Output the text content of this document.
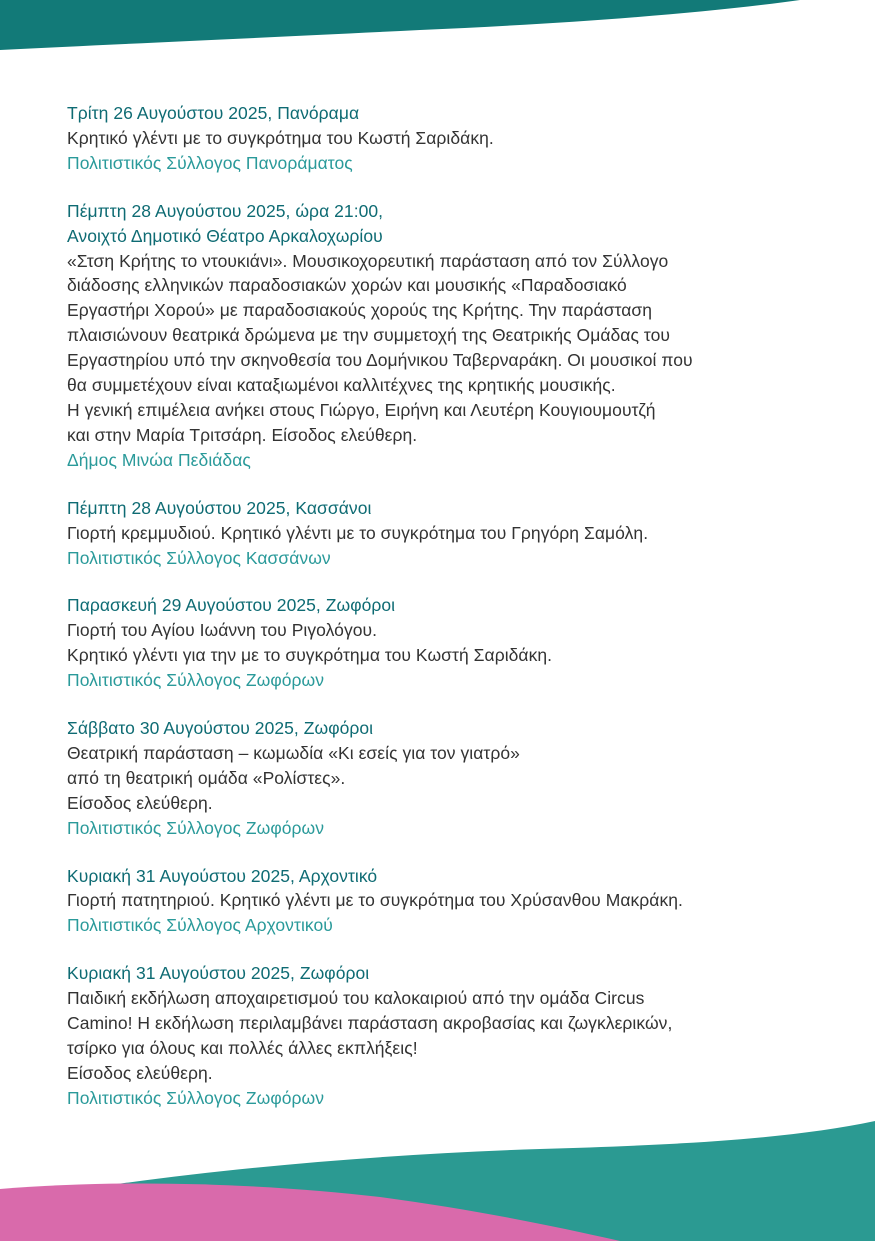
Τρίτη 26 Αυγούστου 2025, Πανόραμα
Κρητικό γλέντι με το συγκρότημα του Κωστή Σαριδάκη.
Πολιτιστικός Σύλλογος Πανοράματος
Πέμπτη 28 Αυγούστου 2025, ώρα 21:00,
Ανοιχτό Δημοτικό Θέατρο Αρκαλοχωρίου
«Στση Κρήτης το ντουκιάνι». Μουσικοχορευτική παράσταση από τον Σύλλογο
διάδοσης ελληνικών παραδοσιακών χορών και μουσικής «Παραδοσιακό
Εργαστήρι Χορού» με παραδοσιακούς χορούς της Κρήτης. Την παράσταση
πλαισιώνουν θεατρικά δρώμενα με την συμμετοχή της Θεατρικής Ομάδας του
Εργαστηρίου υπό την σκηνοθεσία του Δομήνικου Ταβερναράκη. Οι μουσικοί που
θα συμμετέχουν είναι καταξιωμένοι καλλιτέχνες της κρητικής μουσικής.
Η γενική επιμέλεια ανήκει στους Γιώργο, Ειρήνη και Λευτέρη Κουγιουμουτζή
και στην Μαρία Τριτσάρη. Είσοδος ελεύθερη.
Δήμος Μινώα Πεδιάδας
Πέμπτη 28 Αυγούστου 2025, Κασσάνοι
Γιορτή κρεμμυδιού. Κρητικό γλέντι με το συγκρότημα του Γρηγόρη Σαμόλη.
Πολιτιστικός Σύλλογος Κασσάνων
Παρασκευή 29 Αυγούστου 2025, Ζωφόροι
Γιορτή του Αγίου Ιωάννη του Ριγολόγου.
Κρητικό γλέντι για την με το συγκρότημα του Κωστή Σαριδάκη.
Πολιτιστικός Σύλλογος Ζωφόρων
Σάββατο 30 Αυγούστου 2025, Ζωφόροι
Θεατρική παράσταση – κωμωδία «Κι εσείς για τον γιατρό»
από τη θεατρική ομάδα «Ρολίστες».
Είσοδος ελεύθερη.
Πολιτιστικός Σύλλογος Ζωφόρων
Κυριακή 31 Αυγούστου 2025, Αρχοντικό
Γιορτή πατητηριού. Κρητικό γλέντι με το συγκρότημα του Χρύσανθου Μακράκη.
Πολιτιστικός Σύλλογος Αρχοντικού
Κυριακή 31 Αυγούστου 2025, Ζωφόροι
Παιδική εκδήλωση αποχαιρετισμού του καλοκαιριού από την ομάδα Circus
Camino! Η εκδήλωση περιλαμβάνει παράσταση ακροβασίας και ζωγκλερικών,
τσίρκο για όλους και πολλές άλλες εκπλήξεις!
Είσοδος ελεύθερη.
Πολιτιστικός Σύλλογος Ζωφόρων
